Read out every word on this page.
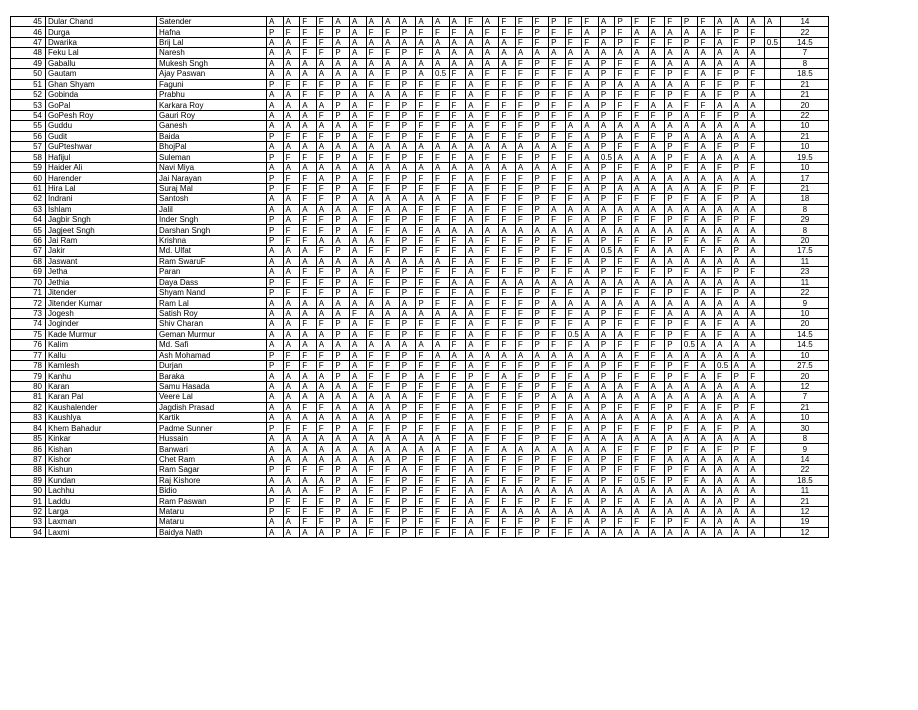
45	Dular Chand	Satender	A	A	F	F	A	A	A	A	A	A	A	A	F	A	F	F	F	P	F	F	A	P	F	F	F	P	F	A	A	A	A	14
46	Durga	Hafna	P	F	F	F	P	A	F	F	P	F	F	F	A	F	F	F	P	F	F	A	P	F	A	A	A	A	A	F	P	F		22
47	Dwarika	Brij Lal	A	A	F	F	A	A	A	A	A	A	A	A	A	A	A	F	F	P	F	F	A	P	F	F	F	P	F	A	F	P	0.5	14.5
48	Feku Lal	Naresh	A	A	F	F	P	A	F	F	P	F	A	A	A	A	A	A	A	A	A	A	A	A	A	A	A	A	A	A	A	A		7
49	Gaballu	Mukesh Sngh	A	A	A	A	A	A	A	A	A	A	A	A	A	A	A	F	P	F	F	A	P	F	F	A	A	A	A	A	A	A		8
50	Gautam	Ajay Paswan	A	A	A	A	A	A	A	F	P	A	0.5	F	A	F	F	F	F	F	F	A	P	F	F	F	P	F	A	F	P	F		18.5
51	Ghan Shyam	Faguni	P	F	F	F	P	A	F	F	P	F	F	F	A	F	F	F	P	F	F	A	P	A	A	A	A	A	F	F	P	F		21
52	Gobinda	Prabhu	A	A	F	F	P	A	A	A	A	F	F	F	A	F	F	F	P	F	F	A	P	F	F	F	P	F	A	F	P	A		21
53	GoPal	Karkara Roy	A	A	A	A	P	A	F	F	P	F	F	F	A	F	F	F	P	F	F	A	P	F	F	A	A	F	F	A	A	A		20
54	GoPesh Roy	Gauri Roy	A	A	A	F	P	A	F	F	P	F	F	F	A	F	F	F	P	F	F	A	P	F	F	F	P	A	F	F	P	A		22
55	Guddu	Ganesh	A	A	A	A	A	A	F	F	P	F	F	F	A	F	F	F	P	F	A	A	A	A	A	A	A	A	A	A	A	A		10
56	Gudit	Baida	P	F	F	F	P	A	F	F	P	F	F	F	A	F	F	F	P	F	F	A	P	A	F	F	P	A	A	A	A	A		21
57	GuPteshwar	BhojPal	A	A	A	A	A	A	A	A	A	A	A	A	A	A	A	A	A	A	F	A	P	F	F	A	P	F	A	F	P	F		10
58	Hafijul	Suleman	P	F	F	F	P	A	F	F	P	F	F	F	A	F	F	F	P	F	F	A	0.5	A	A	A	P	F	A	A	A	A		19.5
59	Haider Ali	Navi Miya	A	A	A	A	A	A	A	A	A	A	A	A	A	A	A	A	A	A	F	A	P	F	F	A	P	F	A	F	P	F		10
60	Harender	Jai Narayan	P	F	F	A	P	A	F	F	P	F	F	F	A	F	F	F	P	F	F	A	P	A	A	A	A	A	A	A	A	A		17
61	Hira Lal	Suraj Mal	P	F	F	F	P	A	F	F	P	F	F	F	A	F	F	F	P	F	F	A	P	A	A	A	A	A	A	F	P	F		21
62	Indrani	Santosh	A	A	F	F	P	A	A	A	A	A	A	F	A	F	F	F	P	F	F	A	P	F	F	F	P	F	A	F	P	A		18
63	Ishlam	Jalil	A	A	A	A	A	A	F	A	A	F	F	F	A	F	F	F	P	A	A	A	A	A	A	A	A	A	A	A	A	A		8
64	Jagbir Sngh	Inder Sngh	P	A	F	F	P	A	F	F	P	F	F	F	A	F	F	F	P	F	F	A	P	F	F	F	P	F	A	F	P	F		29
65	Jagjeet Sngh	Darshan Sngh	P	F	F	F	P	A	F	F	A	F	A	A	A	A	A	A	A	A	A	A	A	A	A	A	A	A	A	A	A	A		8
66	Jai Ram	Krishna	P	F	F	A	A	A	A	F	P	F	F	F	A	F	F	F	P	F	F	A	P	F	F	F	P	F	A	F	A	A		20
67	Jakir	Md. Ulfat	A	A	A	F	P	A	F	F	P	F	F	F	A	F	F	F	P	F	F	A	0.5	A	F	A	A	A	F	A	P	A		17.5
68	Jaswant	Ram SwaruF	A	A	A	A	A	A	A	A	A	A	A	F	A	F	F	F	P	F	F	A	P	F	F	A	A	A	A	A	A	A		11
69	Jetha	Paran	A	A	F	F	P	A	A	F	P	F	F	F	A	F	F	F	P	F	F	A	P	F	F	F	P	F	A	F	P	F		23
70	Jethia	Daya Dass	P	F	F	F	P	A	F	F	P	F	F	A	A	F	A	A	A	A	A	A	A	A	A	A	A	A	A	A	A	A		11
71	Jitender	Shyam Nand	P	F	F	F	P	A	F	F	P	F	F	F	A	F	F	F	P	F	F	A	P	F	F	F	P	F	A	F	P	A		22
72	Jitender Kumar	Ram Lal	A	A	A	A	A	A	A	A	A	P	F	F	A	F	F	F	P	A	A	A	A	A	A	A	A	A	A	A	A	A		9
73	Jogesh	Satish Roy	A	A	A	A	A	F	A	A	A	A	A	A	A	F	F	F	P	F	F	A	P	F	F	F	A	A	A	A	A	A		10
74	Joginder	Shiv Charan	A	A	F	F	P	A	F	F	P	F	F	F	A	F	F	F	P	F	F	A	P	F	F	F	P	F	A	F	A	A		20
75	Kade Murmur	Geman Murmur	A	A	A	A	P	A	F	F	P	F	F	F	A	F	F	F	P	F	0.5	A	A	A	F	F	P	F	A	F	A	A		14.5
76	Kalim	Md. Safi	A	A	A	A	A	A	A	A	A	A	A	F	A	F	F	F	P	F	F	A	P	F	F	F	P	0.5	A	A	A	A		14.5
77	Kallu	Ash Mohamad	P	F	F	F	P	A	F	F	P	F	A	A	A	A	A	A	A	A	A	A	A	A	F	F	A	A	A	A	A	A		10
78	Kamlesh	Durjan	P	F	F	F	P	A	F	F	P	F	F	F	A	F	F	F	P	F	F	A	P	F	F	F	P	F	A	0.5	A	A		27.5
79	Kanhu	Baraka	A	A	A	A	P	A	F	F	P	A	F	F	P	F	A	F	P	F	F	A	P	F	F	F	P	F	A	F	P	F		20
80	Karan	Samu Hasada	A	A	A	A	A	A	F	F	P	F	F	F	A	F	F	F	P	F	F	A	A	A	F	A	A	A	A	A	A	A		12
81	Karan Pal	Veere Lal	A	A	A	A	A	A	A	A	A	F	F	F	A	F	F	F	P	A	A	A	A	A	A	A	A	A	A	A	A	A		7
82	Kaushalender	Jagdish Prasad	A	A	F	F	A	A	A	A	P	F	F	F	A	F	F	F	P	F	F	A	P	F	F	F	P	F	A	F	P	F		21
83	Kaushlya	Kartik	A	A	A	A	A	A	A	A	P	F	F	F	A	F	F	F	P	F	A	A	A	A	A	A	A	A	A	A	A	A		10
84	Khem Bahadur	Padme Sunner	P	F	F	F	P	A	F	F	P	F	F	F	A	F	F	F	P	F	F	A	P	F	F	F	P	F	A	F	P	A		30
85	Kinkar	Hussain	A	A	A	A	A	A	A	A	A	A	A	F	A	F	F	F	P	F	F	A	A	A	A	A	A	A	A	A	A	A		8
86	Kishan	Banwari	A	A	A	A	A	A	A	A	A	A	A	F	A	F	A	A	A	A	A	A	A	F	F	F	P	F	A	F	P	F		9
87	Kishor	Chet Ram	A	A	A	A	A	A	A	A	P	F	F	F	A	F	F	F	P	F	F	A	P	F	F	F	A	A	A	A	A	A		14
88	Kishun	Ram Sagar	P	F	F	F	P	A	F	F	A	F	F	F	A	F	F	F	P	F	F	A	P	F	F	F	P	F	A	A	A	A		22
89	Kundan	Raj Kishore	A	A	A	A	P	A	F	F	P	F	F	F	A	F	F	F	P	F	F	A	P	F	0.5	F	P	F	A	A	A	A		18.5
90	Lachhu	Bidio	A	A	A	F	P	A	F	F	P	F	F	F	A	F	A	A	A	A	A	A	A	A	A	A	A	A	A	A	A	A		11
91	Laddu	Ram Paswan	P	F	F	F	P	A	F	F	P	F	F	F	A	F	F	F	P	F	F	A	P	F	A	F	A	A	A	A	P	A		21
92	Larga	Mataru	P	F	F	F	P	A	F	F	P	F	F	F	A	F	A	A	A	A	A	A	A	A	A	A	A	A	A	A	A	A		12
93	Laxman	Mataru	A	A	F	F	P	A	F	F	P	F	F	F	A	F	F	F	P	F	F	A	P	F	F	F	P	F	A	A	A	A		19
94	Laxmi	Baidya Nath	A	A	A	A	P	A	F	F	P	F	F	F	A	F	F	F	P	F	F	A	A	A	A	A	A	A	A	A	A	A		12
